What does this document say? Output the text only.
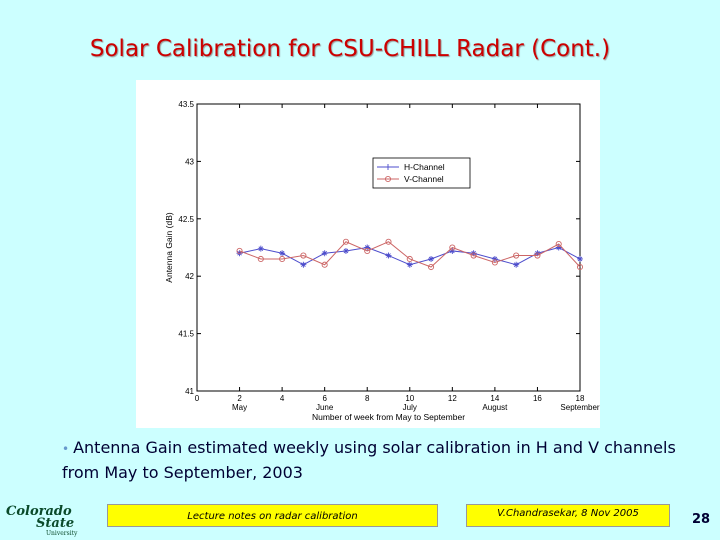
Solar Calibration for CSU-CHILL Radar (Cont.)
41
41.5
42
42.5
43
43.5
0	2	4	6	8	10	12	14	16	18
May	June	July	August	September
Number of week from May to September
Antenna Gain (dB)
H-Channel
V-Channel
• Antenna Gain estimated weekly using solar calibration in H and V channels from May to September, 2003
Colorado
State
University
Lecture notes on radar calibration	V.Chandrasekar, 8 Nov 2005	28
